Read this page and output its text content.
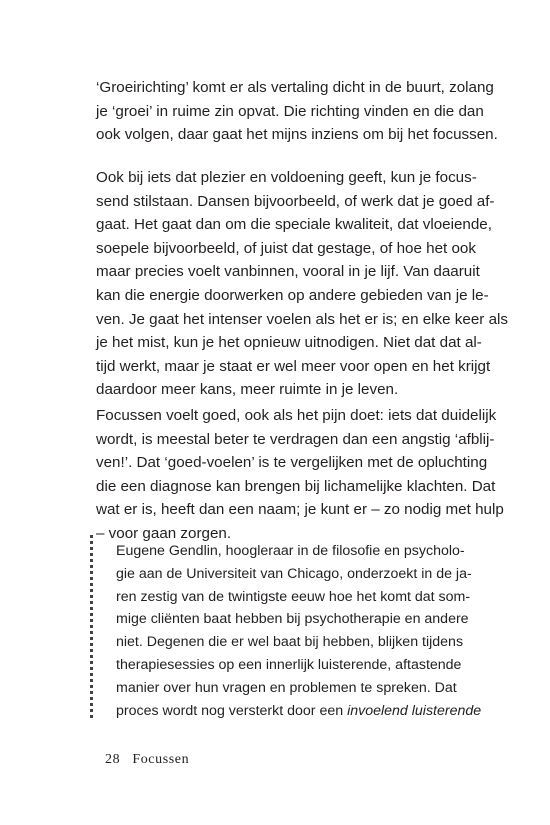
‘Groeirichting’ komt er als vertaling dicht in de buurt, zolang
je ‘groei’ in ruime zin opvat. Die richting vinden en die dan
ook volgen, daar gaat het mijns inziens om bij het focussen.

Ook bij iets dat plezier en voldoening geeft, kun je focus-
send stilstaan. Dansen bijvoorbeeld, of werk dat je goed af-
gaat. Het gaat dan om die speciale kwaliteit, dat vloeiende,
soepele bijvoorbeeld, of juist dat gestage, of hoe het ook
maar precies voelt vanbinnen, vooral in je lijf. Van daaruit
kan die energie doorwerken op andere gebieden van je le-
ven. Je gaat het intenser voelen als het er is; en elke keer als
je het mist, kun je het opnieuw uitnodigen. Niet dat dat al-
tijd werkt, maar je staat er wel meer voor open en het krijgt
daardoor meer kans, meer ruimte in je leven.

Focussen voelt goed, ook als het pijn doet: iets dat duidelijk
wordt, is meestal beter te verdragen dan een angstig ‘afblij-
ven!’. Dat ‘goed-voelen’ is te vergelijken met de opluchting
die een diagnose kan brengen bij lichamelijke klachten. Dat
wat er is, heeft dan een naam; je kunt er – zo nodig met hulp
– voor gaan zorgen.

Eugene Gendlin, hoogleraar in de filosofie en psycholo-
gie aan de Universiteit van Chicago, onderzoekt in de ja-
ren zestig van de twintigste eeuw hoe het komt dat som-
mige cliënten baat hebben bij psychotherapie en andere
niet. Degenen die er wel baat bij hebben, blijken tijdens
therapiesessies op een innerlijk luisterende, aftastende
manier over hun vragen en problemen te spreken. Dat
proces wordt nog versterkt door een invoelend luisterende

28 Focussen
